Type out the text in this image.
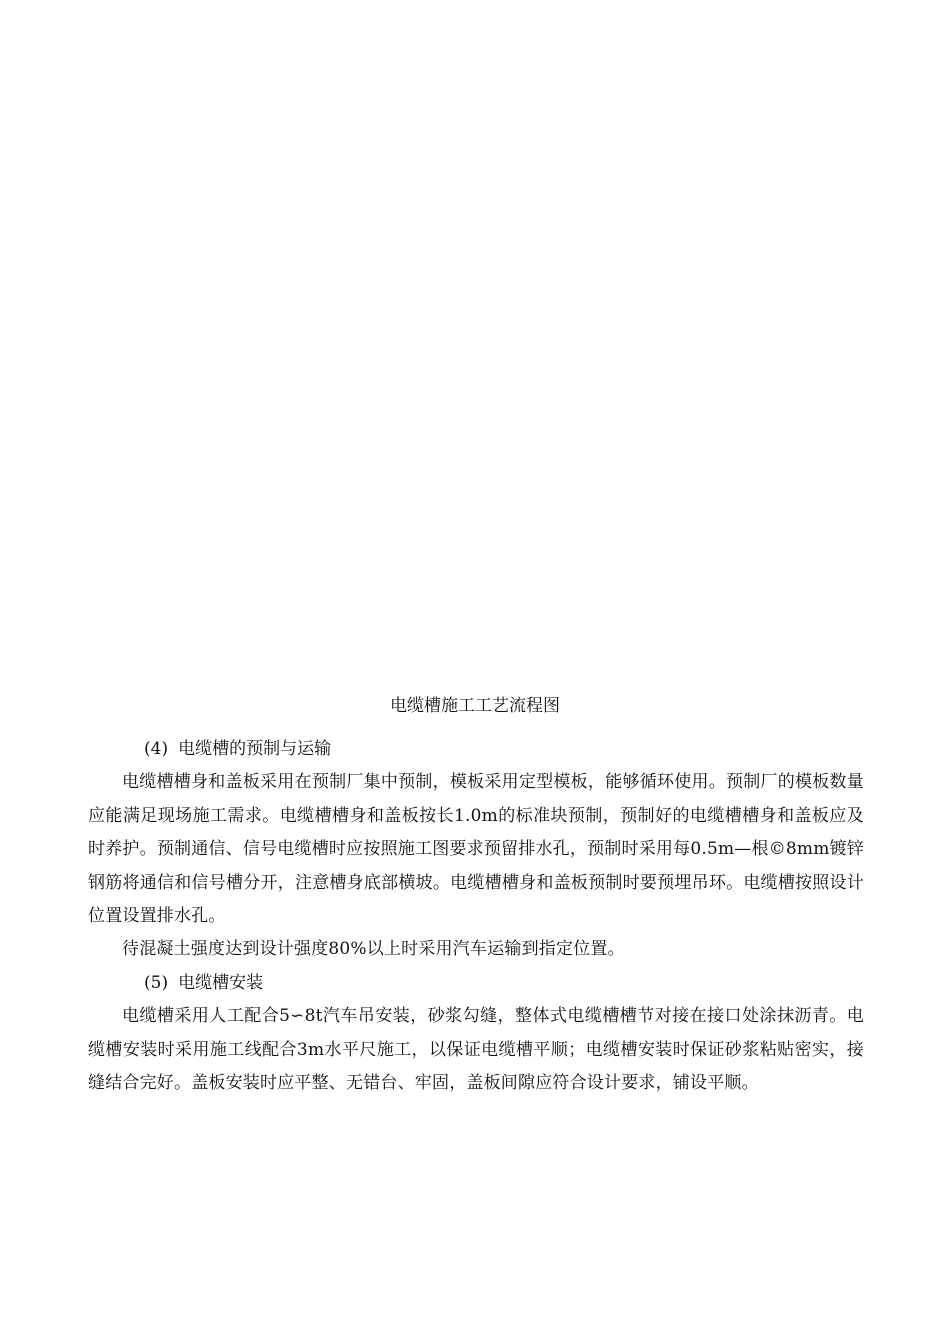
电缆槽施工工艺流程图

(4) 电缆槽的预制与运输

电缆槽槽身和盖板采用在预制厂集中预制，模板采用定型模板，能够循环使用。预制厂的模板数量应能满足现场施工需求。电缆槽槽身和盖板按长1.0m的标准块预制，预制好的电缆槽槽身和盖板应及时养护。预制通信、信号电缆槽时应按照施工图要求预留排水孔，预制时采用每0.5m—根©8mm镀锌钢筋将通信和信号槽分开，注意槽身底部横坡。电缆槽槽身和盖板预制时要预埋吊环。电缆槽按照设计位置设置排水孔。

待混凝土强度达到设计强度80%以上时采用汽车运输到指定位置。

(5) 电缆槽安装

电缆槽采用人工配合5∽8t汽车吊安装，砂浆勾缝，整体式电缆槽槽节对接在接口处涂抹沥青。电缆槽安装时采用施工线配合3m水平尺施工，以保证电缆槽平顺；电缆槽安装时保证砂浆粘贴密实，接缝结合完好。盖板安装时应平整、无错台、牢固，盖板间隙应符合设计要求，铺设平顺。
